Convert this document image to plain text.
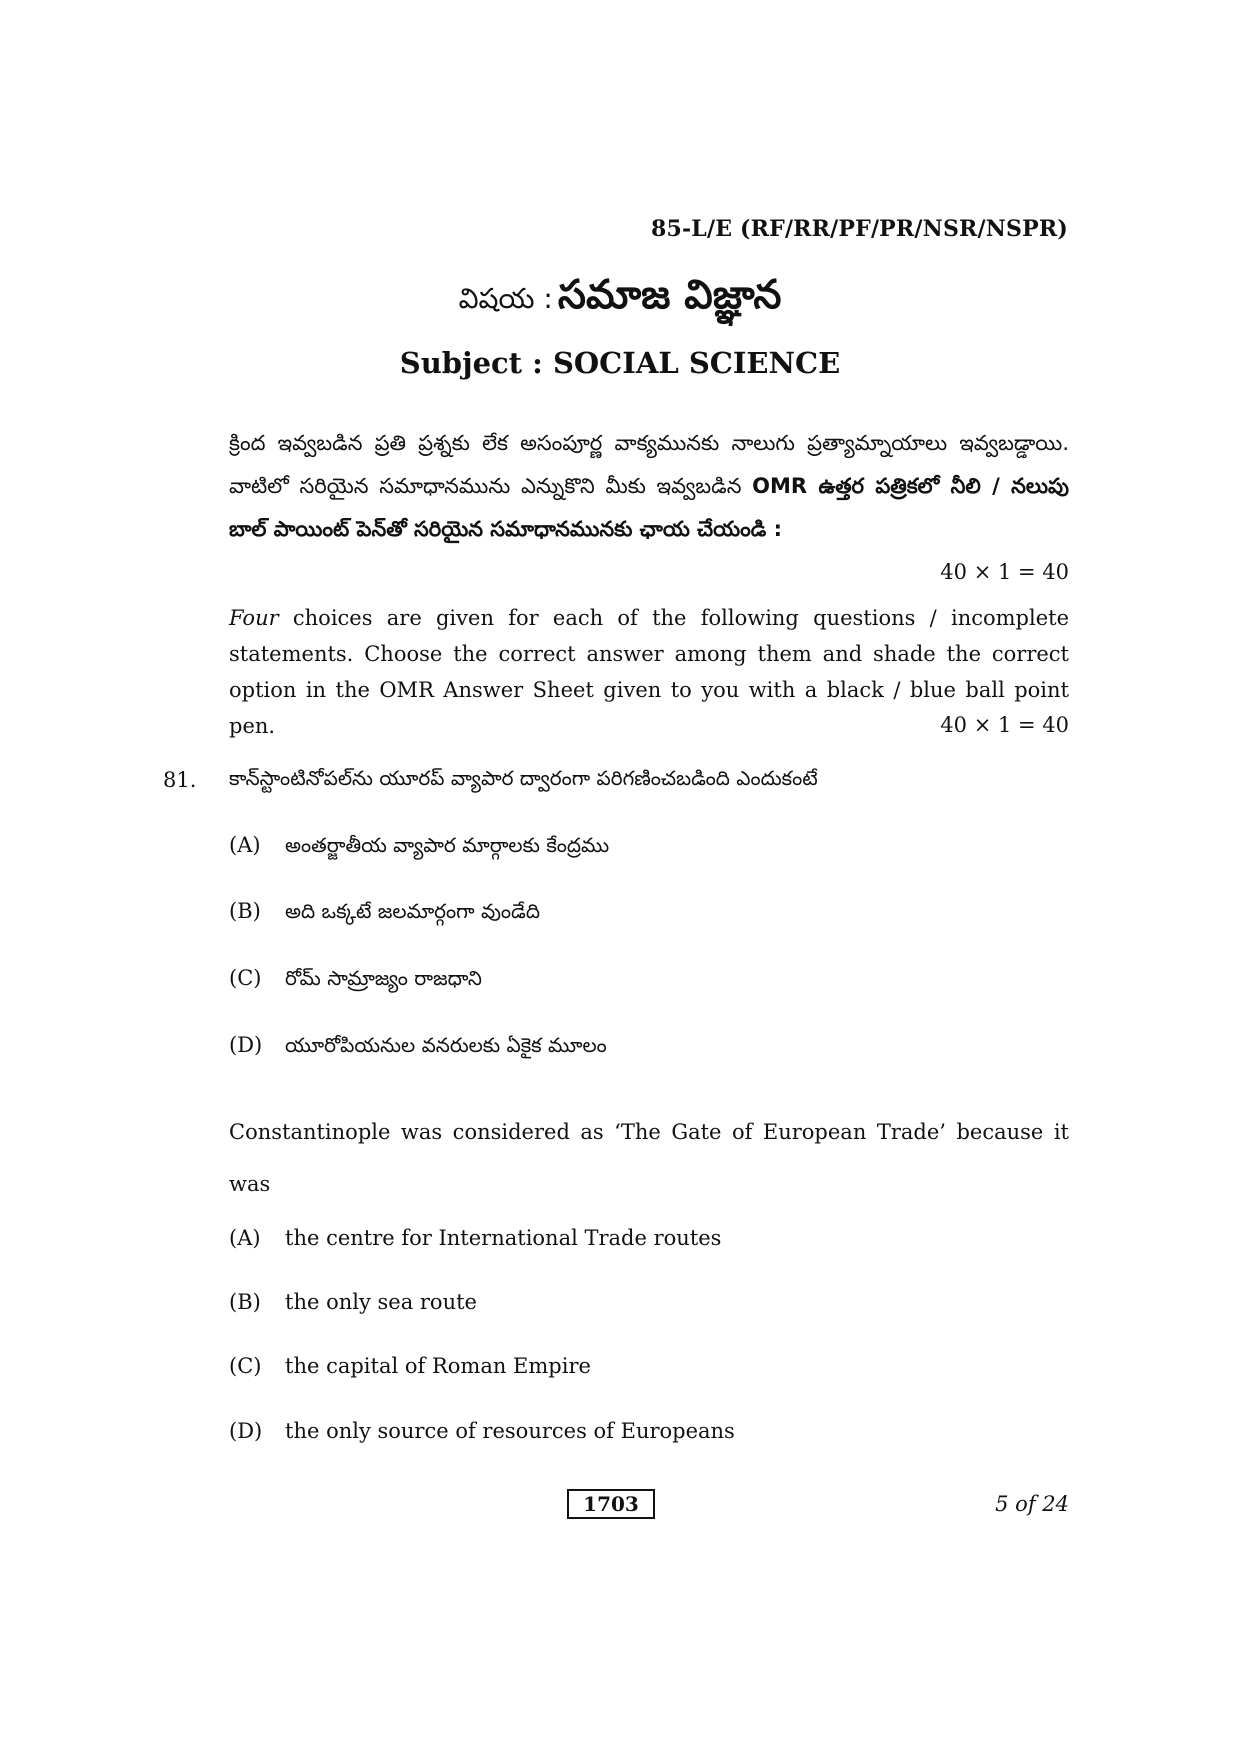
85-L/E (RF/RR/PF/PR/NSR/NSPR)
విషయ : సమాజ విజ్ఞాన
Subject : SOCIAL SCIENCE
క్రింద ఇవ్వబడిన ప్రతి ప్రశ్నకు లేక అసంపూర్ణ వాక్యమునకు నాలుగు ప్రత్యామ్నాయాలు ఇవ్వబడ్డాయి. వాటిలో సరియైన సమాధానమును ఎన్నుకొని మీకు ఇవ్వబడిన OMR ఉత్తర పత్రికలో నీలి / నలుపు బాల్ పాయింట్ పెన్‌తో సరియైన సమాధానమునకు ఛాయ చేయండి :
40 × 1 = 40
Four choices are given for each of the following questions / incomplete statements. Choose the correct answer among them and shade the correct option in the OMR Answer Sheet given to you with a black / blue ball point pen.	40 × 1 = 40
81. కాన్‌స్టాంటినోపల్‌ను యూరప్ వ్యాపార ద్వారంగా పరిగణించబడింది ఎందుకంటే
(A) అంతర్జాతీయ వ్యాపార మార్గాలకు కేంద్రము
(B) అది ఒక్కటే జలమార్గంగా వుండేది
(C) రోమ్ సామ్రాజ్యం రాజధాని
(D) యూరోపియనుల వనరులకు ఏకైక మూలం
Constantinople was considered as ‘The Gate of European Trade’ because it was
(A) the centre for International Trade routes
(B) the only sea route
(C) the capital of Roman Empire
(D) the only source of resources of Europeans
1703	5 of 24
